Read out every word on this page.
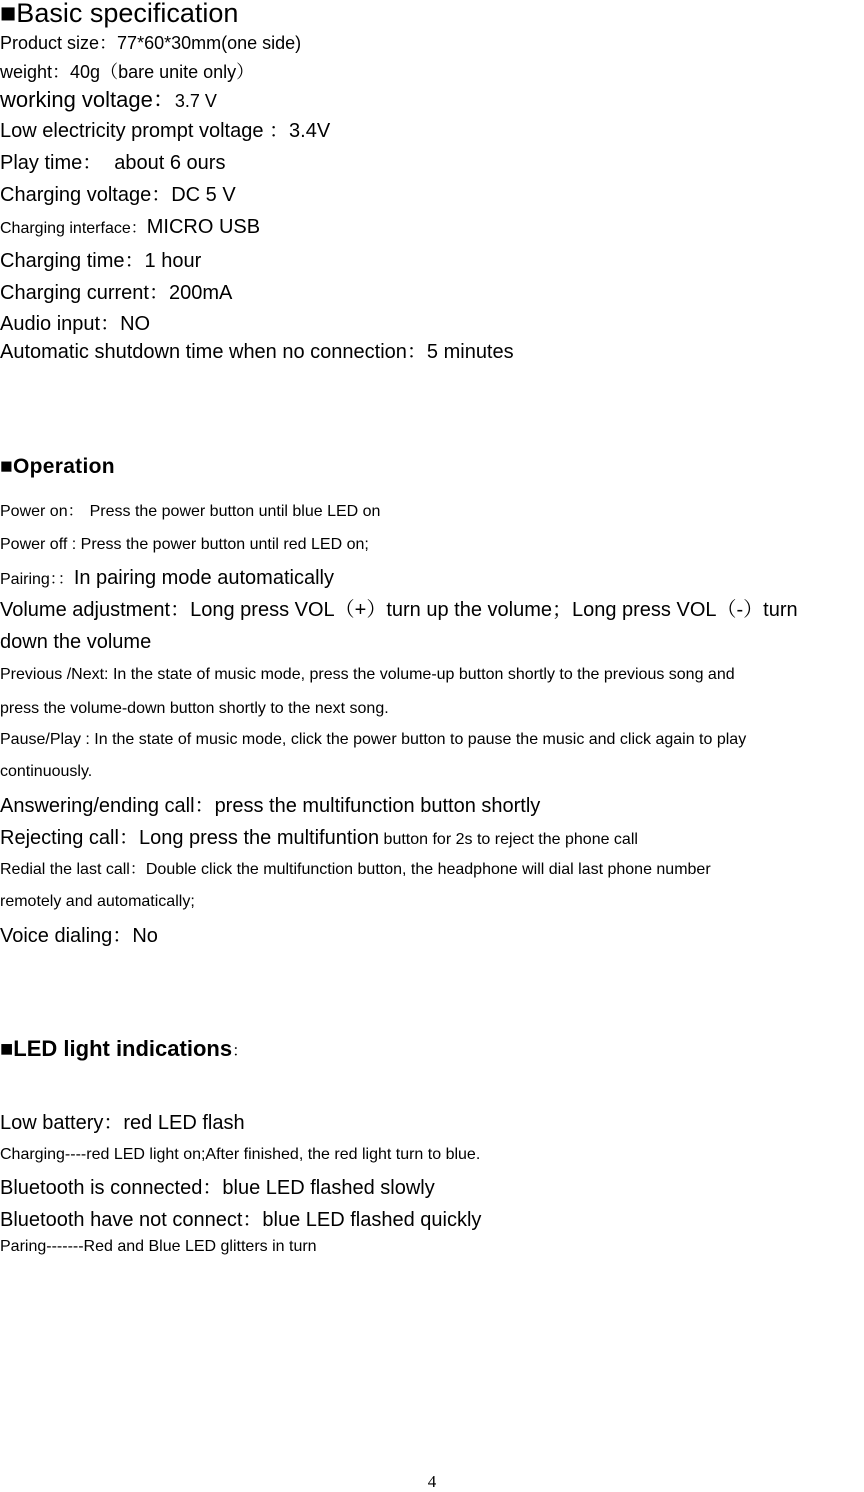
■Basic specification
Product size：77*60*30mm(one side)
weight：40g（bare unite only）
working voltage：3.7 V
Low electricity prompt voltage ：3.4V
Play time： about 6 ours
Charging voltage：DC 5 V
Charging interface：MICRO USB
Charging time：1 hour
Charging current：200mA
Audio input：NO
Automatic shutdown time when no connection：5 minutes
■Operation
Power on： Press the power button until blue LED on
Power off : Press the power button until red LED on;
Pairing：：In pairing mode automatically
Volume adjustment：Long press VOL（+）turn up the volume；Long press VOL（-）turn
down the volume
Previous /Next: In the state of music mode, press the volume-up button shortly to the previous song and
press the volume-down button shortly to the next song.
Pause/Play : In the state of music mode, click the power button to pause the music and click again to play
continuously.
Answering/ending call：press the multifunction button shortly
Rejecting call：Long press the multifuntion button for 2s to reject the phone call
Redial the last call：Double click the multifunction button, the headphone will dial last phone number
remotely and automatically;
Voice dialing：No
■LED light indications：
Low battery：red LED flash
Charging----red LED light on;After finished, the red light turn to blue.
Bluetooth is connected：blue LED flashed slowly
Bluetooth have not connect：blue LED flashed quickly
Paring-------Red and Blue LED glitters in turn
4
